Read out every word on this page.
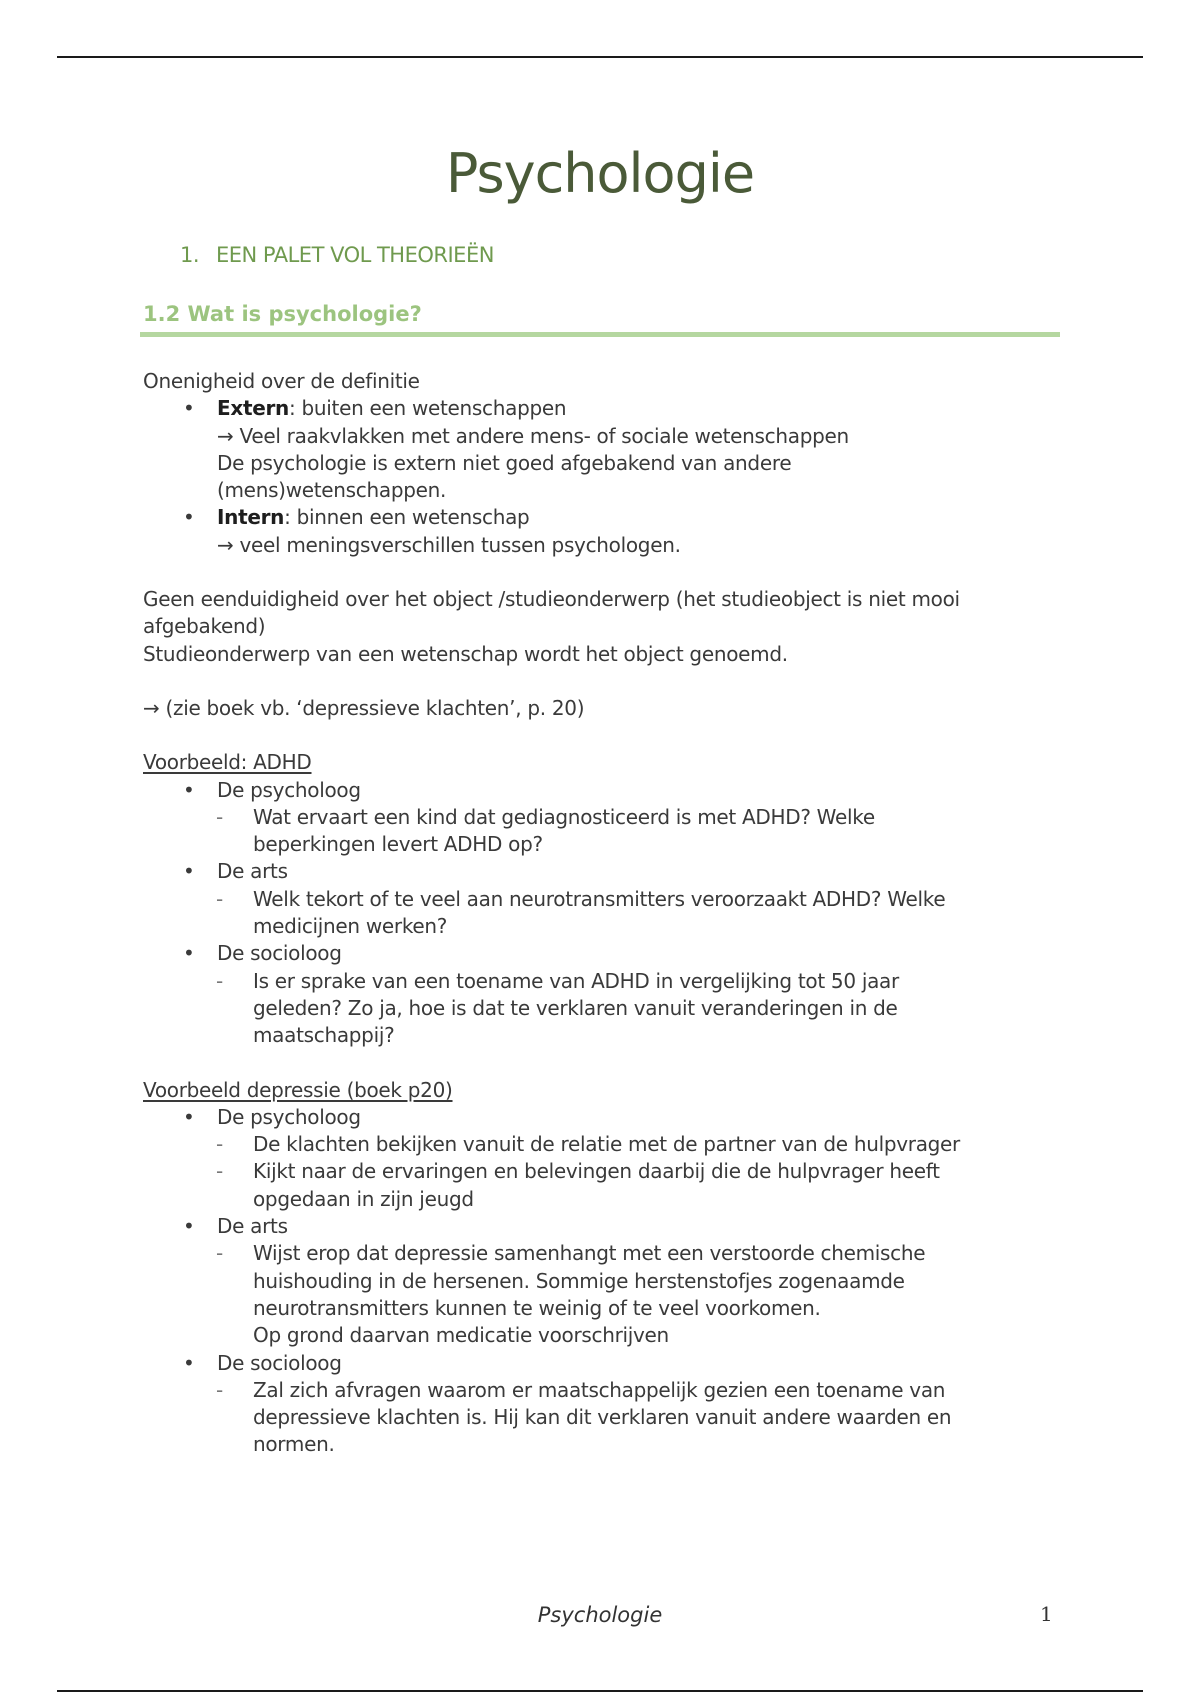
Psychologie
1. EEN PALET VOL THEORIEËN
1.2 Wat is psychologie?

Onenigheid over de definitie

• Extern: buiten een wetenschappen

→ Veel raakvlakken met andere mens- of sociale wetenschappen

De psychologie is extern niet goed afgebakend van andere

(mens)wetenschappen.

• Intern: binnen een wetenschap

→ veel meningsverschillen tussen psychologen.

Geen eenduidigheid over het object /studieonderwerp (het studieobject is niet mooi

afgebakend)

Studieonderwerp van een wetenschap wordt het object genoemd.

→ (zie boek vb. ‘depressieve klachten’, p. 20)

Voorbeeld: ADHD

• De psycholoog
- Wat ervaart een kind dat gediagnosticeerd is met ADHD? Welke

beperkingen levert ADHD op?

• De arts
- Welk tekort of te veel aan neurotransmitters veroorzaakt ADHD? Welke

medicijnen werken?

• De socioloog
- Is er sprake van een toename van ADHD in vergelijking tot 50 jaar

geleden? Zo ja, hoe is dat te verklaren vanuit veranderingen in de

maatschappij?

Voorbeeld depressie (boek p20)

• De psycholoog
- De klachten bekijken vanuit de relatie met de partner van de hulpvrager
- Kijkt naar de ervaringen en belevingen daarbij die de hulpvrager heeft

opgedaan in zijn jeugd

• De arts
- Wijst erop dat depressie samenhangt met een verstoorde chemische

huishouding in de hersenen. Sommige herstenstofjes zogenaamde

neurotransmitters kunnen te weinig of te veel voorkomen.

Op grond daarvan medicatie voorschrijven

• De socioloog
- Zal zich afvragen waarom er maatschappelijk gezien een toename van

depressieve klachten is. Hij kan dit verklaren vanuit andere waarden en

normen.

Psychologie	1
